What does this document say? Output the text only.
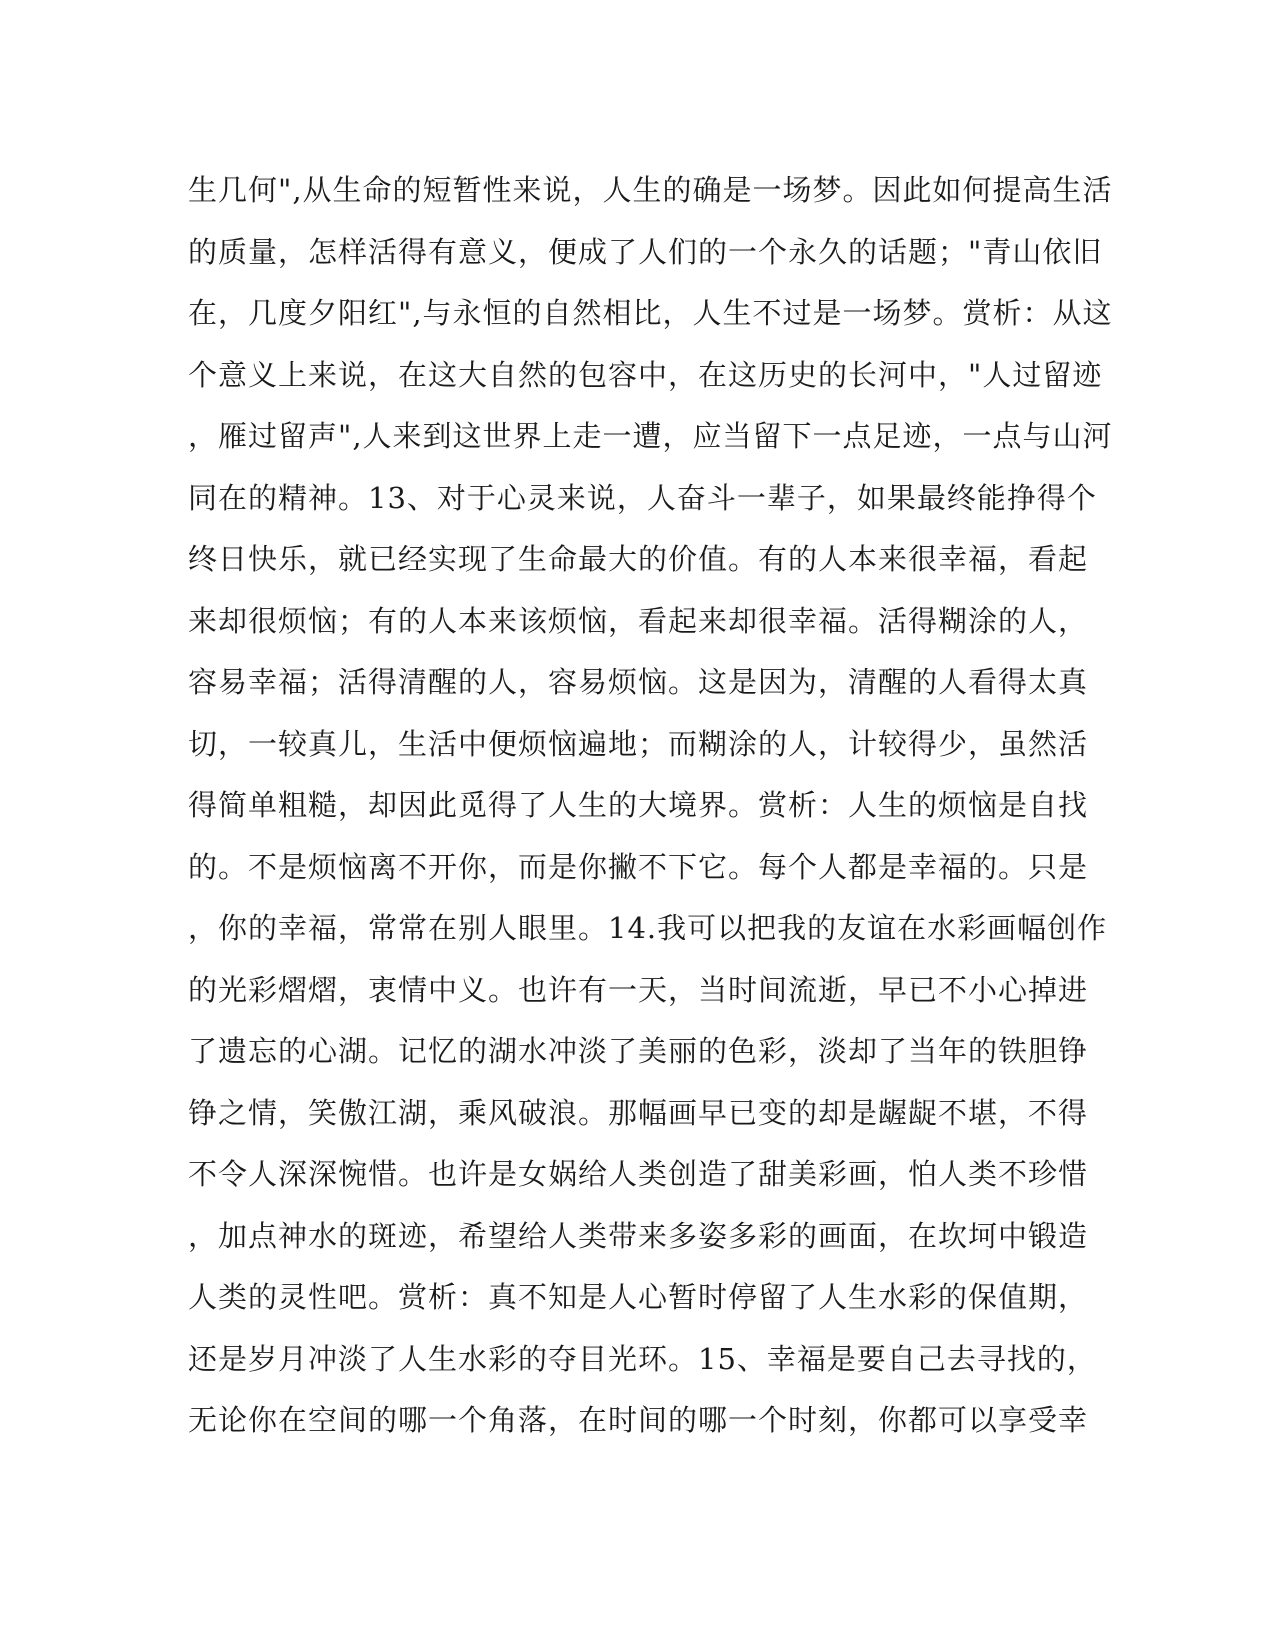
生几何",从生命的短暂性来说，人生的确是一场梦。因此如何提高生活
的质量，怎样活得有意义，便成了人们的一个永久的话题；"青山依旧
在，几度夕阳红",与永恒的自然相比，人生不过是一场梦。赏析：从这
个意义上来说，在这大自然的包容中，在这历史的长河中，"人过留迹
，雁过留声",人来到这世界上走一遭，应当留下一点足迹，一点与山河
同在的精神。13、对于心灵来说，人奋斗一辈子，如果最终能挣得个
终日快乐，就已经实现了生命最大的价值。有的人本来很幸福，看起
来却很烦恼；有的人本来该烦恼，看起来却很幸福。活得糊涂的人，
容易幸福；活得清醒的人，容易烦恼。这是因为，清醒的人看得太真
切，一较真儿，生活中便烦恼遍地；而糊涂的人，计较得少，虽然活
得简单粗糙，却因此觅得了人生的大境界。赏析：人生的烦恼是自找
的。不是烦恼离不开你，而是你撇不下它。每个人都是幸福的。只是
，你的幸福，常常在别人眼里。14.我可以把我的友谊在水彩画幅创作
的光彩熠熠，衷情中义。也许有一天，当时间流逝，早已不小心掉进
了遗忘的心湖。记忆的湖水冲淡了美丽的色彩，淡却了当年的铁胆铮
铮之情，笑傲江湖，乘风破浪。那幅画早已变的却是龌龊不堪，不得
不令人深深惋惜。也许是女娲给人类创造了甜美彩画，怕人类不珍惜
，加点神水的斑迹，希望给人类带来多姿多彩的画面，在坎坷中锻造
人类的灵性吧。赏析：真不知是人心暂时停留了人生水彩的保值期，
还是岁月冲淡了人生水彩的夺目光环。15、幸福是要自己去寻找的，
无论你在空间的哪一个角落，在时间的哪一个时刻，你都可以享受幸
